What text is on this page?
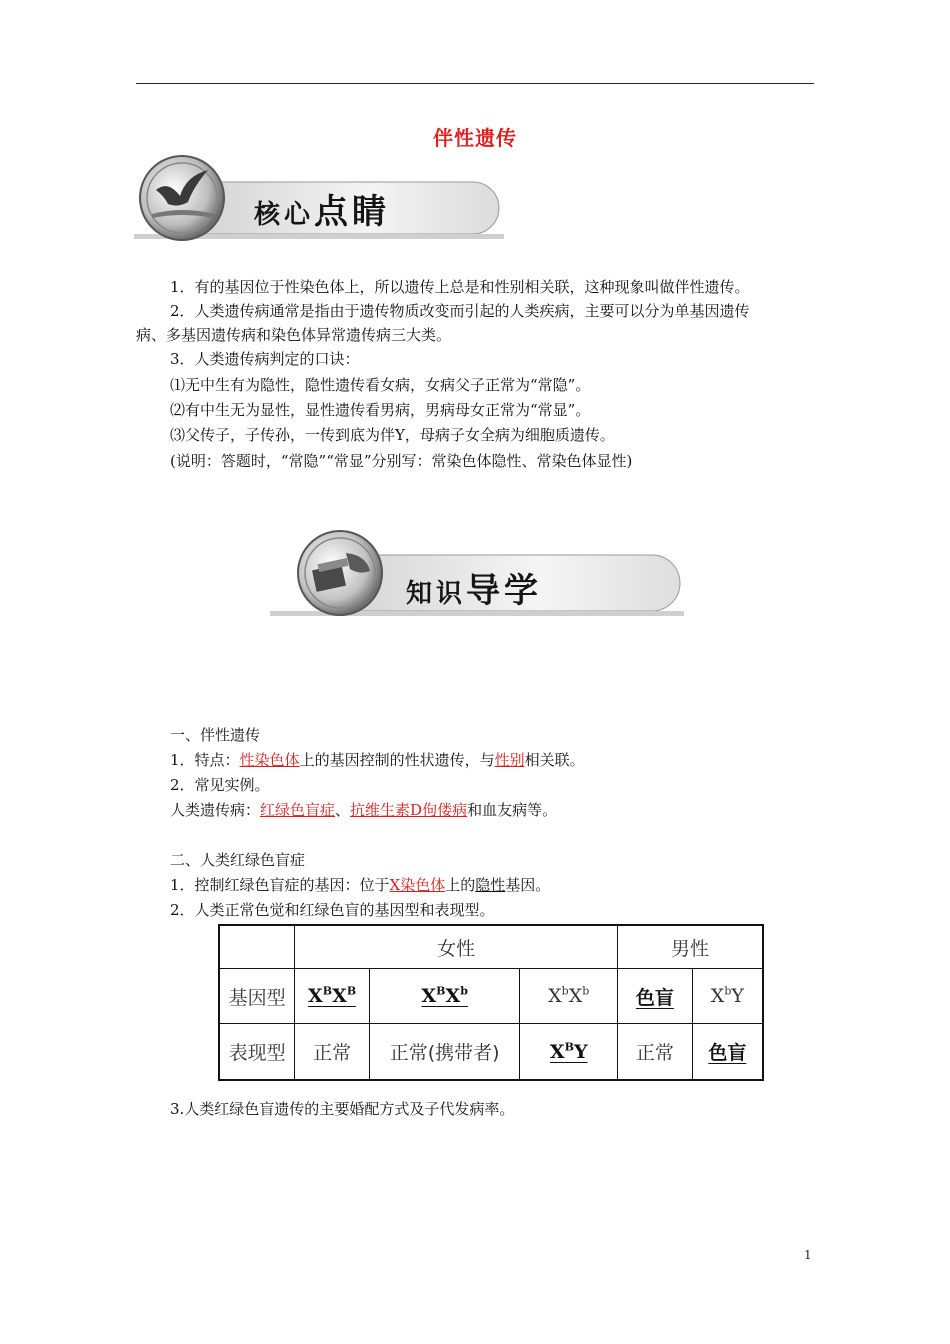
伴性遗传
核心点睛
1．有的基因位于性染色体上，所以遗传上总是和性别相关联，这种现象叫做伴性遗传。
2．人类遗传病通常是指由于遗传物质改变而引起的人类疾病，主要可以分为单基因遗传
病、多基因遗传病和染色体异常遗传病三大类。
3．人类遗传病判定的口诀：
⑴无中生有为隐性，隐性遗传看女病，女病父子正常为“常隐”。
⑵有中生无为显性，显性遗传看男病，男病母女正常为“常显”。
⑶父传子，子传孙，一传到底为伴Y，母病子女全病为细胞质遗传。
(说明：答题时，“常隐”“常显”分别写：常染色体隐性、常染色体显性)
知识导学
一、伴性遗传
1．特点：性染色体上的基因控制的性状遗传，与性别相关联。
2．常见实例。
人类遗传病：红绿色盲症、抗维生素D佝偻病和血友病等。
二、人类红绿色盲症
1．控制红绿色盲症的基因：位于X染色体上的隐性基因。
2．人类正常色觉和红绿色盲的基因型和表现型。
	女性			男性	
基因型	$X^BX^B$	$X^BX^b$	$X^bX^b$	色盲	$X^bY$
表现型	正常	正常(携带者)	$X^BY$	正常	色盲
3.人类红绿色盲遗传的主要婚配方式及子代发病率。
1
